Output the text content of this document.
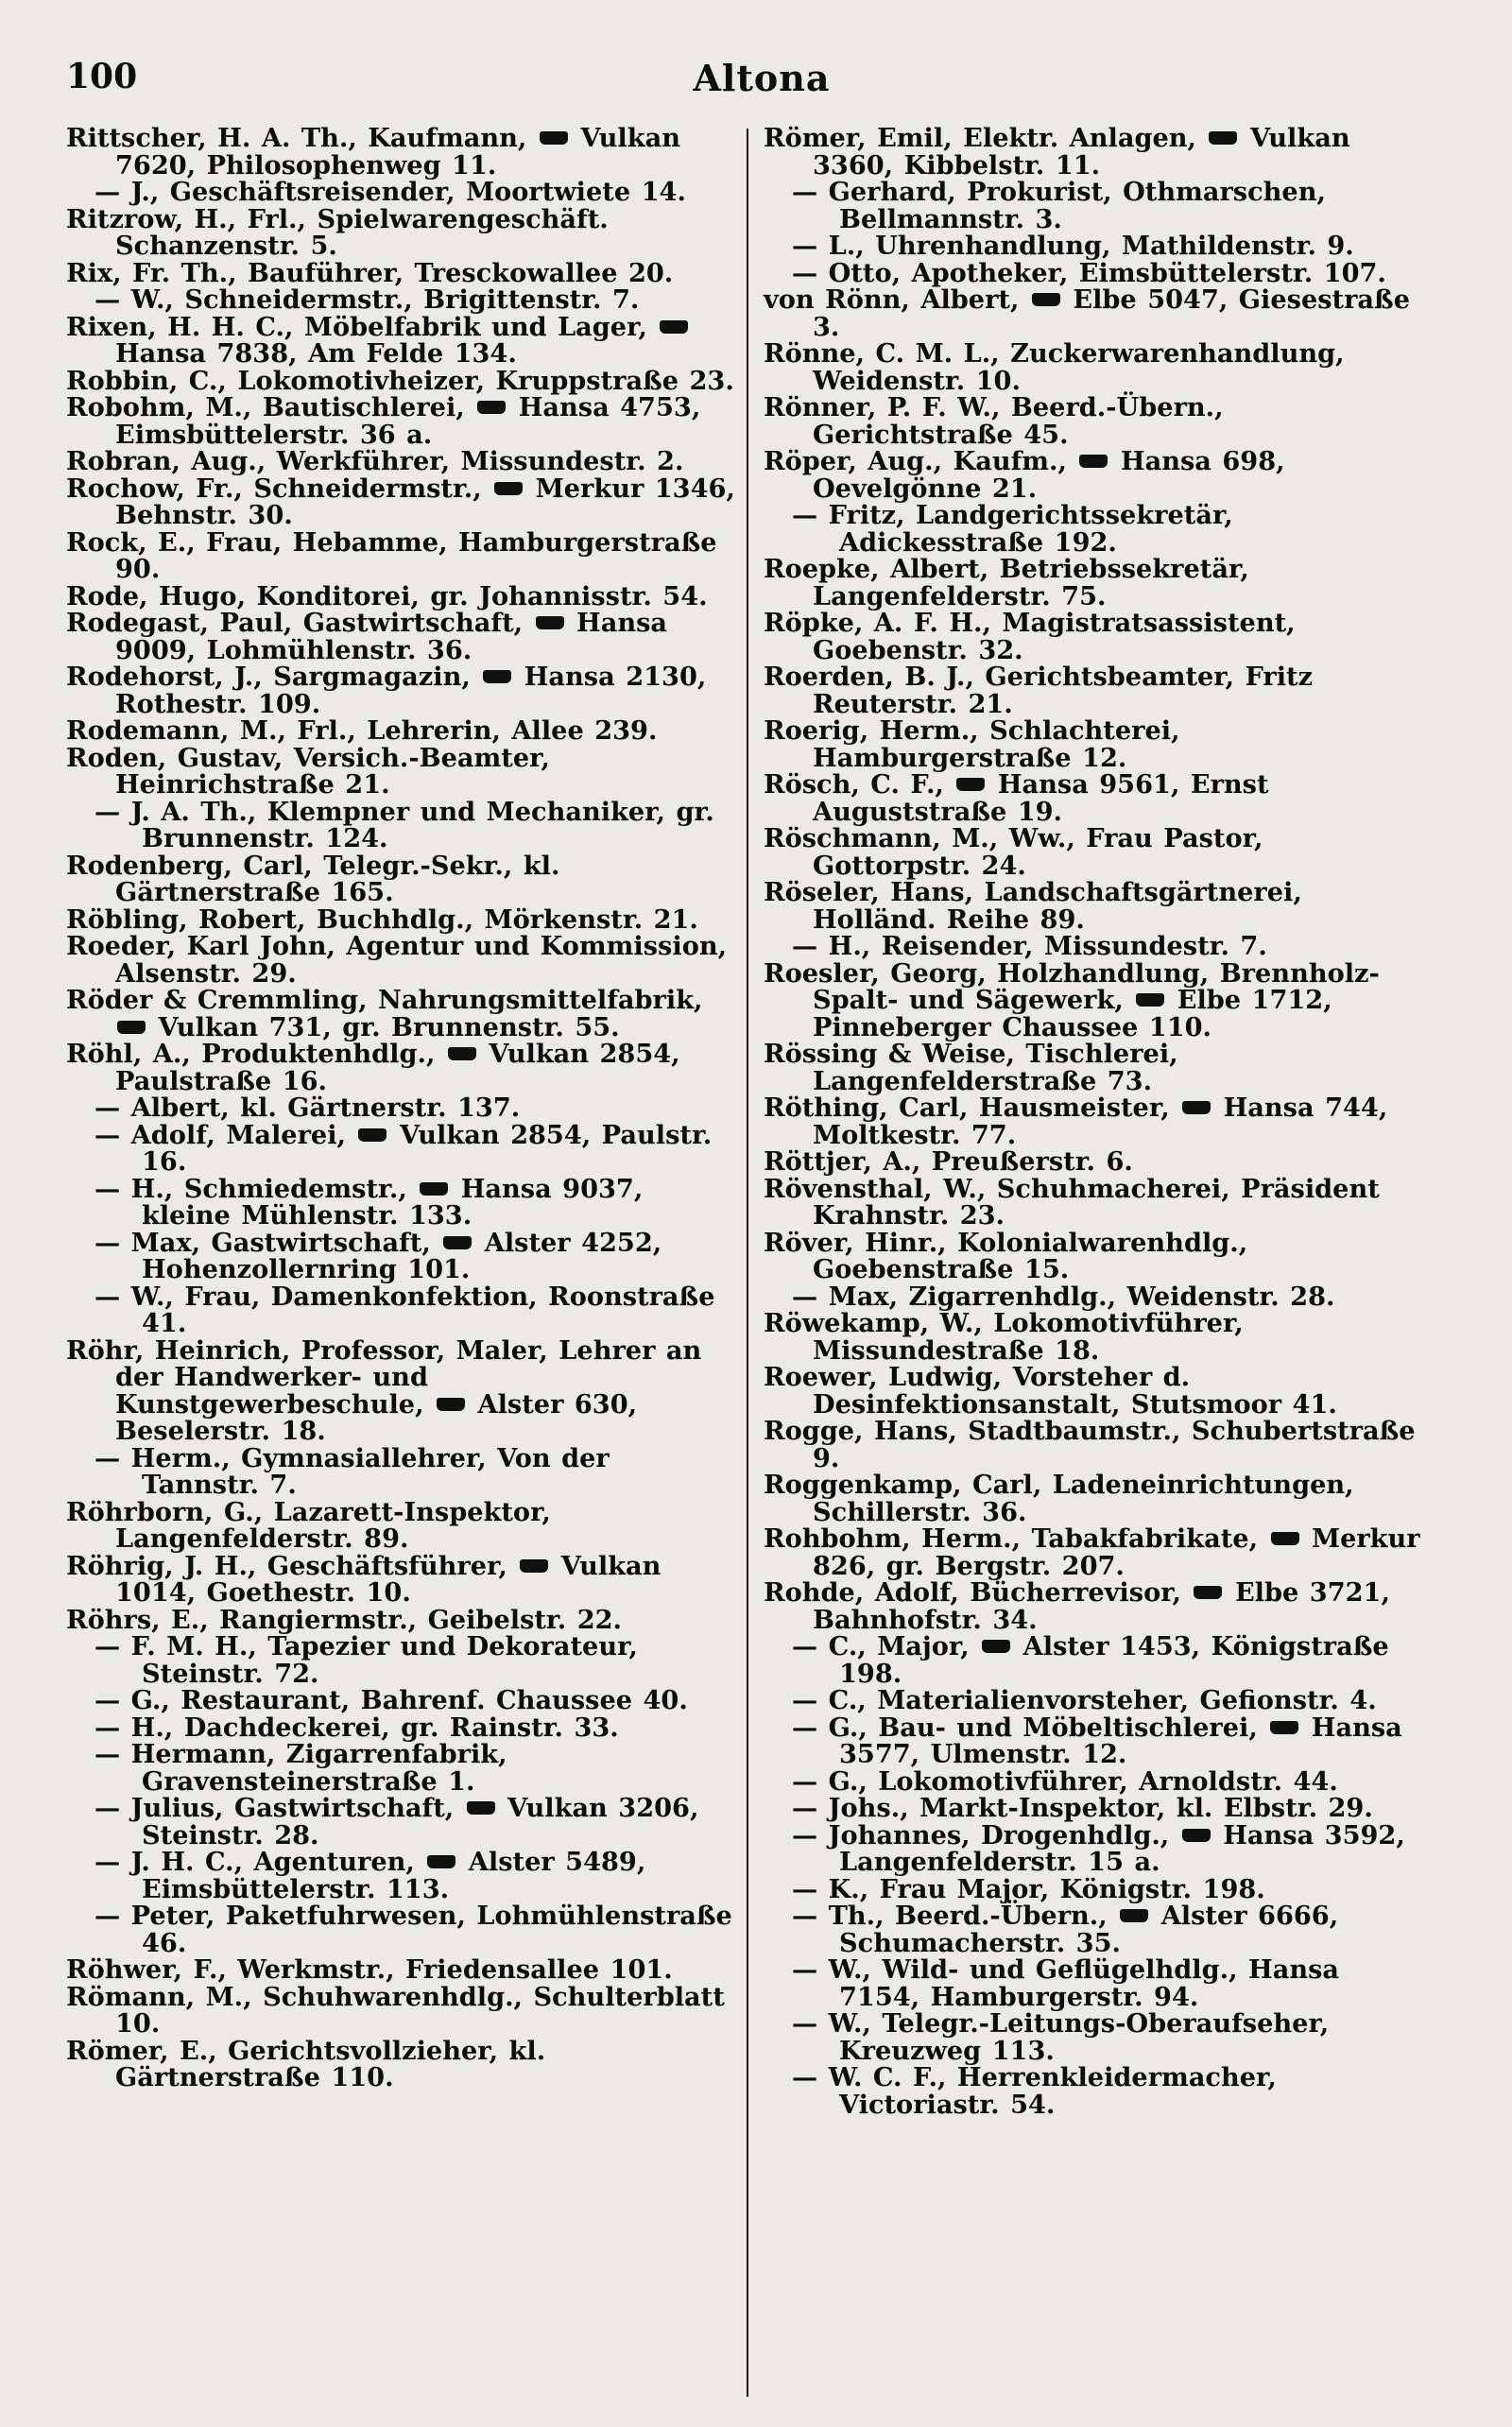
100	Altona
Rittscher, H. A. Th., Kaufmann,  Vulkan 7620, Philosophenweg 11.
— J., Geschäftsreisender, Moortwiete 14.
Ritzrow, H., Frl., Spielwarengeschäft. Schanzenstr. 5.
Rix, Fr. Th., Bauführer, Tresckowallee 20.
— W., Schneidermstr., Brigittenstr. 7.
Rixen, H. H. C., Möbelfabrik und Lager,  Hansa 7838, Am Felde 134.
Robbin, C., Lokomotivheizer, Kruppstraße 23.
Robohm, M., Bautischlerei,  Hansa 4753, Eimsbüttelerstr. 36 a.
Robran, Aug., Werkführer, Missundestr. 2.
Rochow, Fr., Schneidermstr.,  Merkur 1346, Behnstr. 30.
Rock, E., Frau, Hebamme, Hamburgerstraße 90.
Rode, Hugo, Konditorei, gr. Johannisstr. 54.
Rodegast, Paul, Gastwirtschaft,  Hansa 9009, Lohmühlenstr. 36.
Rodehorst, J., Sargmagazin,  Hansa 2130, Rothestr. 109.
Rodemann, M., Frl., Lehrerin, Allee 239.
Roden, Gustav, Versich.-Beamter, Heinrichstraße 21.
— J. A. Th., Klempner und Mechaniker, gr. Brunnenstr. 124.
Rodenberg, Carl, Telegr.-Sekr., kl. Gärtnerstraße 165.
Röbling, Robert, Buchhdlg., Mörkenstr. 21.
Roeder, Karl John, Agentur und Kommission, Alsenstr. 29.
Röder & Cremmling, Nahrungsmittelfabrik,  Vulkan 731, gr. Brunnenstr. 55.
Röhl, A., Produktenhdlg.,  Vulkan 2854, Paulstraße 16.
— Albert, kl. Gärtnerstr. 137.
— Adolf, Malerei,  Vulkan 2854, Paulstr. 16.
— H., Schmiedemstr.,  Hansa 9037, kleine Mühlenstr. 133.
— Max, Gastwirtschaft,  Alster 4252, Hohenzollernring 101.
— W., Frau, Damenkonfektion, Roonstraße 41.
Röhr, Heinrich, Professor, Maler, Lehrer an der Handwerker- und Kunstgewerbeschule,  Alster 630, Beselerstr. 18.
— Herm., Gymnasiallehrer, Von der Tannstr. 7.
Röhrborn, G., Lazarett-Inspektor, Langenfelderstr. 89.
Röhrig, J. H., Geschäftsführer,  Vulkan 1014, Goethestr. 10.
Röhrs, E., Rangiermstr., Geibelstr. 22.
— F. M. H., Tapezier und Dekorateur, Steinstr. 72.
— G., Restaurant, Bahrenf. Chaussee 40.
— H., Dachdeckerei, gr. Rainstr. 33.
— Hermann, Zigarrenfabrik, Gravensteinerstraße 1.
— Julius, Gastwirtschaft,  Vulkan 3206, Steinstr. 28.
— J. H. C., Agenturen,  Alster 5489, Eimsbüttelerstr. 113.
— Peter, Paketfuhrwesen, Lohmühlenstraße 46.
Röhwer, F., Werkmstr., Friedensallee 101.
Römann, M., Schuhwarenhdlg., Schulterblatt 10.
Römer, E., Gerichtsvollzieher, kl. Gärtnerstraße 110.
Römer, Emil, Elektr. Anlagen,  Vulkan 3360, Kibbelstr. 11.
— Gerhard, Prokurist, Othmarschen, Bellmannstr. 3.
— L., Uhrenhandlung, Mathildenstr. 9.
— Otto, Apotheker, Eimsbüttelerstr. 107.
von Rönn, Albert,  Elbe 5047, Giesestraße 3.
Rönne, C. M. L., Zuckerwarenhandlung, Weidenstr. 10.
Rönner, P. F. W., Beerd.-Übern., Gerichtstraße 45.
Röper, Aug., Kaufm.,  Hansa 698, Oevelgönne 21.
— Fritz, Landgerichtssekretär, Adickesstraße 192.
Roepke, Albert, Betriebssekretär, Langenfelderstr. 75.
Röpke, A. F. H., Magistratsassistent, Goebenstr. 32.
Roerden, B. J., Gerichtsbeamter, Fritz Reuterstr. 21.
Roerig, Herm., Schlachterei, Hamburgerstraße 12.
Rösch, C. F.,  Hansa 9561, Ernst Auguststraße 19.
Röschmann, M., Ww., Frau Pastor, Gottorpstr. 24.
Röseler, Hans, Landschaftsgärtnerei, Holländ. Reihe 89.
— H., Reisender, Missundestr. 7.
Roesler, Georg, Holzhandlung, Brennholz-Spalt- und Sägewerk,  Elbe 1712, Pinneberger Chaussee 110.
Rössing & Weise, Tischlerei, Langenfelderstraße 73.
Röthing, Carl, Hausmeister,  Hansa 744, Moltkestr. 77.
Röttjer, A., Preußerstr. 6.
Rövensthal, W., Schuhmacherei, Präsident Krahnstr. 23.
Röver, Hinr., Kolonialwarenhdlg., Goebenstraße 15.
— Max, Zigarrenhdlg., Weidenstr. 28.
Röwekamp, W., Lokomotivführer, Missundestraße 18.
Roewer, Ludwig, Vorsteher d. Desinfektionsanstalt, Stutsmoor 41.
Rogge, Hans, Stadtbaumstr., Schubertstraße 9.
Roggenkamp, Carl, Ladeneinrichtungen, Schillerstr. 36.
Rohbohm, Herm., Tabakfabrikate,  Merkur 826, gr. Bergstr. 207.
Rohde, Adolf, Bücherrevisor,  Elbe 3721, Bahnhofstr. 34.
— C., Major,  Alster 1453, Königstraße 198.
— C., Materialienvorsteher, Gefionstr. 4.
— G., Bau- und Möbeltischlerei,  Hansa 3577, Ulmenstr. 12.
— G., Lokomotivführer, Arnoldstr. 44.
— Johs., Markt-Inspektor, kl. Elbstr. 29.
— Johannes, Drogenhdlg.,  Hansa 3592, Langenfelderstr. 15 a.
— K., Frau Major, Königstr. 198.
— Th., Beerd.-Übern.,  Alster 6666, Schumacherstr. 35.
— W., Wild- und Geflügelhdlg., Hansa 7154, Hamburgerstr. 94.
— W., Telegr.-Leitungs-Oberaufseher, Kreuzweg 113.
— W. C. F., Herrenkleidermacher, Victoriastr. 54.
